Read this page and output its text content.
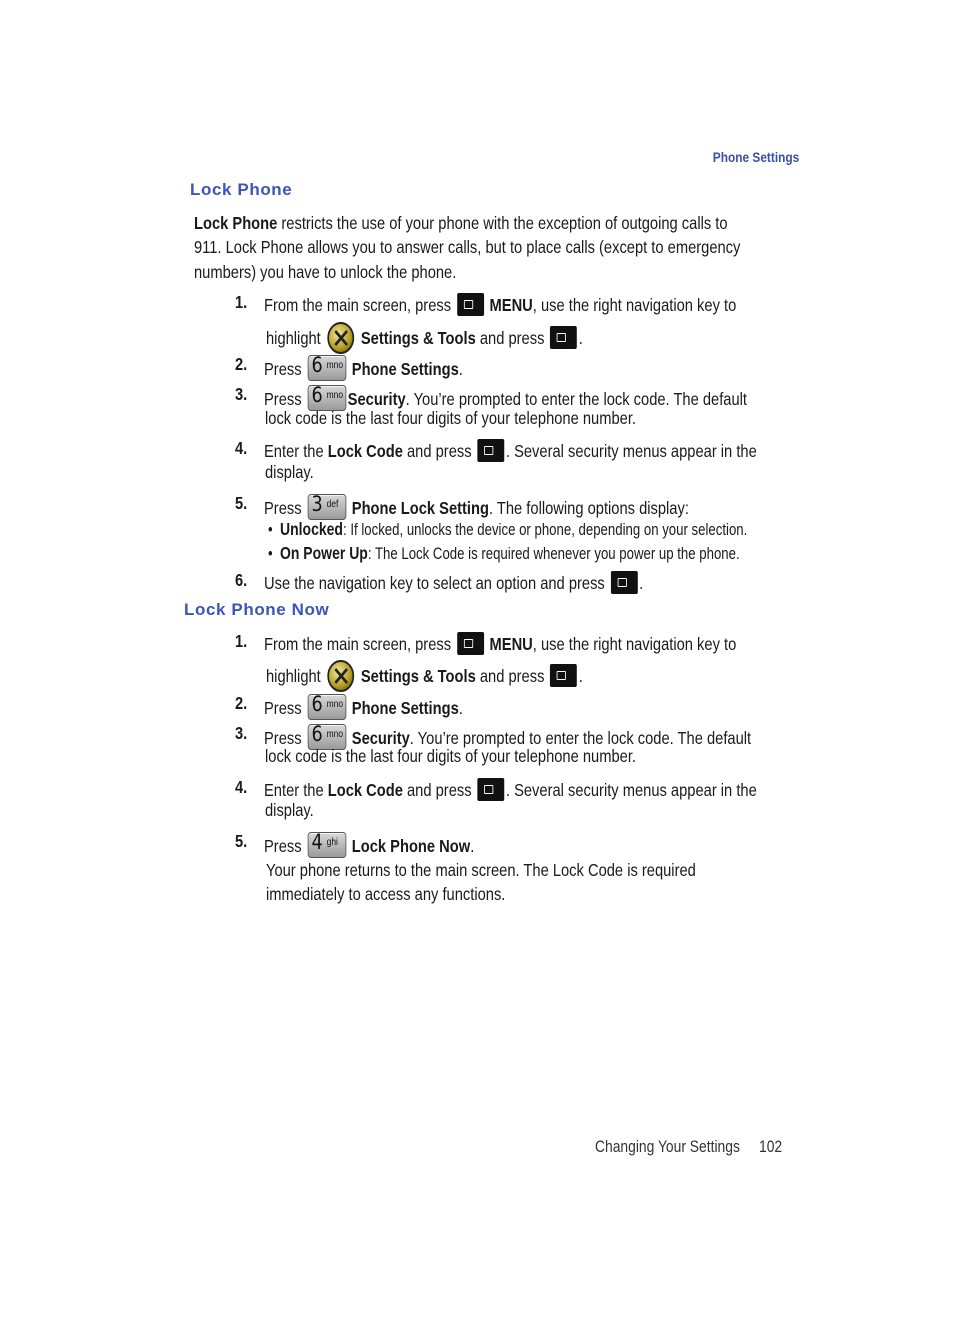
Phone Settings
Lock Phone
Lock Phone restricts the use of your phone with the exception of outgoing calls to
911. Lock Phone allows you to answer calls, but to place calls (except to emergency
numbers) you have to unlock the phone.
1. From the main screen, press MENU, use the right navigation key to
highlight Settings & Tools and press .
2. Press 6 mno Phone Settings.
3. Press 6 mno Security. You’re prompted to enter the lock code. The default
lock code is the last four digits of your telephone number.
4. Enter the Lock Code and press . Several security menus appear in the
display.
5. Press 3 def Phone Lock Setting. The following options display:
•  Unlocked: If locked, unlocks the device or phone, depending on your selection.
•  On Power Up: The Lock Code is required whenever you power up the phone.
6. Use the navigation key to select an option and press .
Lock Phone Now
1. From the main screen, press MENU, use the right navigation key to
highlight Settings & Tools and press .
2. Press 6 mno Phone Settings.
3. Press 6 mno Security. You’re prompted to enter the lock code. The default
lock code is the last four digits of your telephone number.
4. Enter the Lock Code and press . Several security menus appear in the
display.
5. Press 4 ghi Lock Phone Now.
Your phone returns to the main screen. The Lock Code is required
immediately to access any functions.
Changing Your Settings 102
